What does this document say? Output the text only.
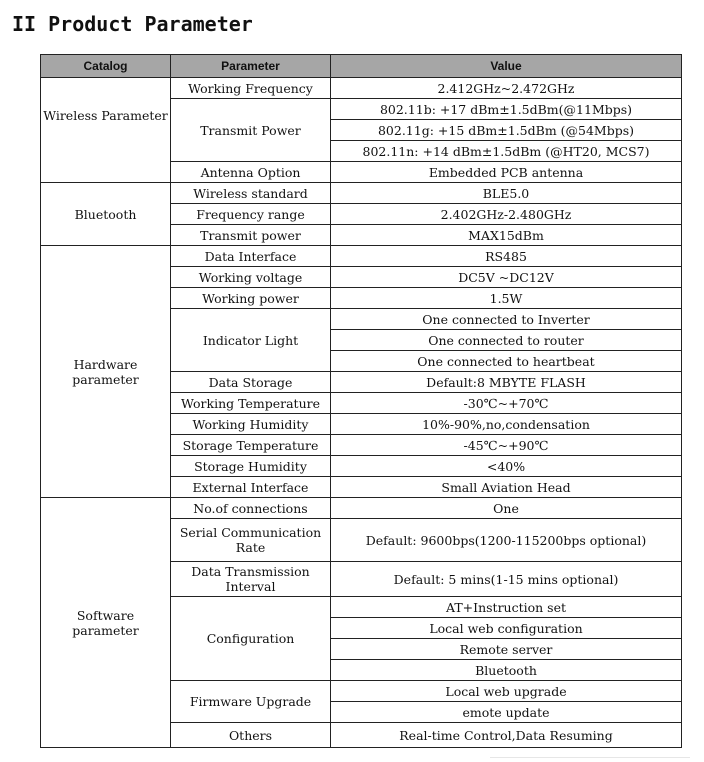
II Product Parameter
Catalog	Parameter	Value
Wireless Parameter	Working Frequency	2.412GHz~2.472GHz
	Transmit Power	802.11b: +17 dBm±1.5dBm(@11Mbps)
		802.11g: +15 dBm±1.5dBm (@54Mbps)
		802.11n: +14 dBm±1.5dBm (@HT20, MCS7)
	Antenna Option	Embedded PCB antenna
Bluetooth	Wireless standard	BLE5.0
	Frequency range	2.402GHz-2.480GHz
	Transmit power	MAX15dBm
Hardware parameter	Data Interface	RS485
	Working voltage	DC5V ~DC12V
	Working power	1.5W
	Indicator Light	One connected to Inverter
		One connected to router
		One connected to heartbeat
	Data Storage	Default:8 MBYTE FLASH
	Working Temperature	-30℃~+70℃
	Working Humidity	10%-90%,no,condensation
	Storage Temperature	-45℃~+90℃
	Storage Humidity	<40%
	External Interface	Small Aviation Head
Software parameter	No.of connections	One
	Serial Communication Rate	Default: 9600bps(1200-115200bps optional)
	Data Transmission Interval	Default: 5 mins(1-15 mins optional)
	Configuration	AT+Instruction set
		Local web configuration
		Remote server
		Bluetooth
	Firmware Upgrade	Local web upgrade
		emote update
	Others	Real-time Control,Data Resuming
